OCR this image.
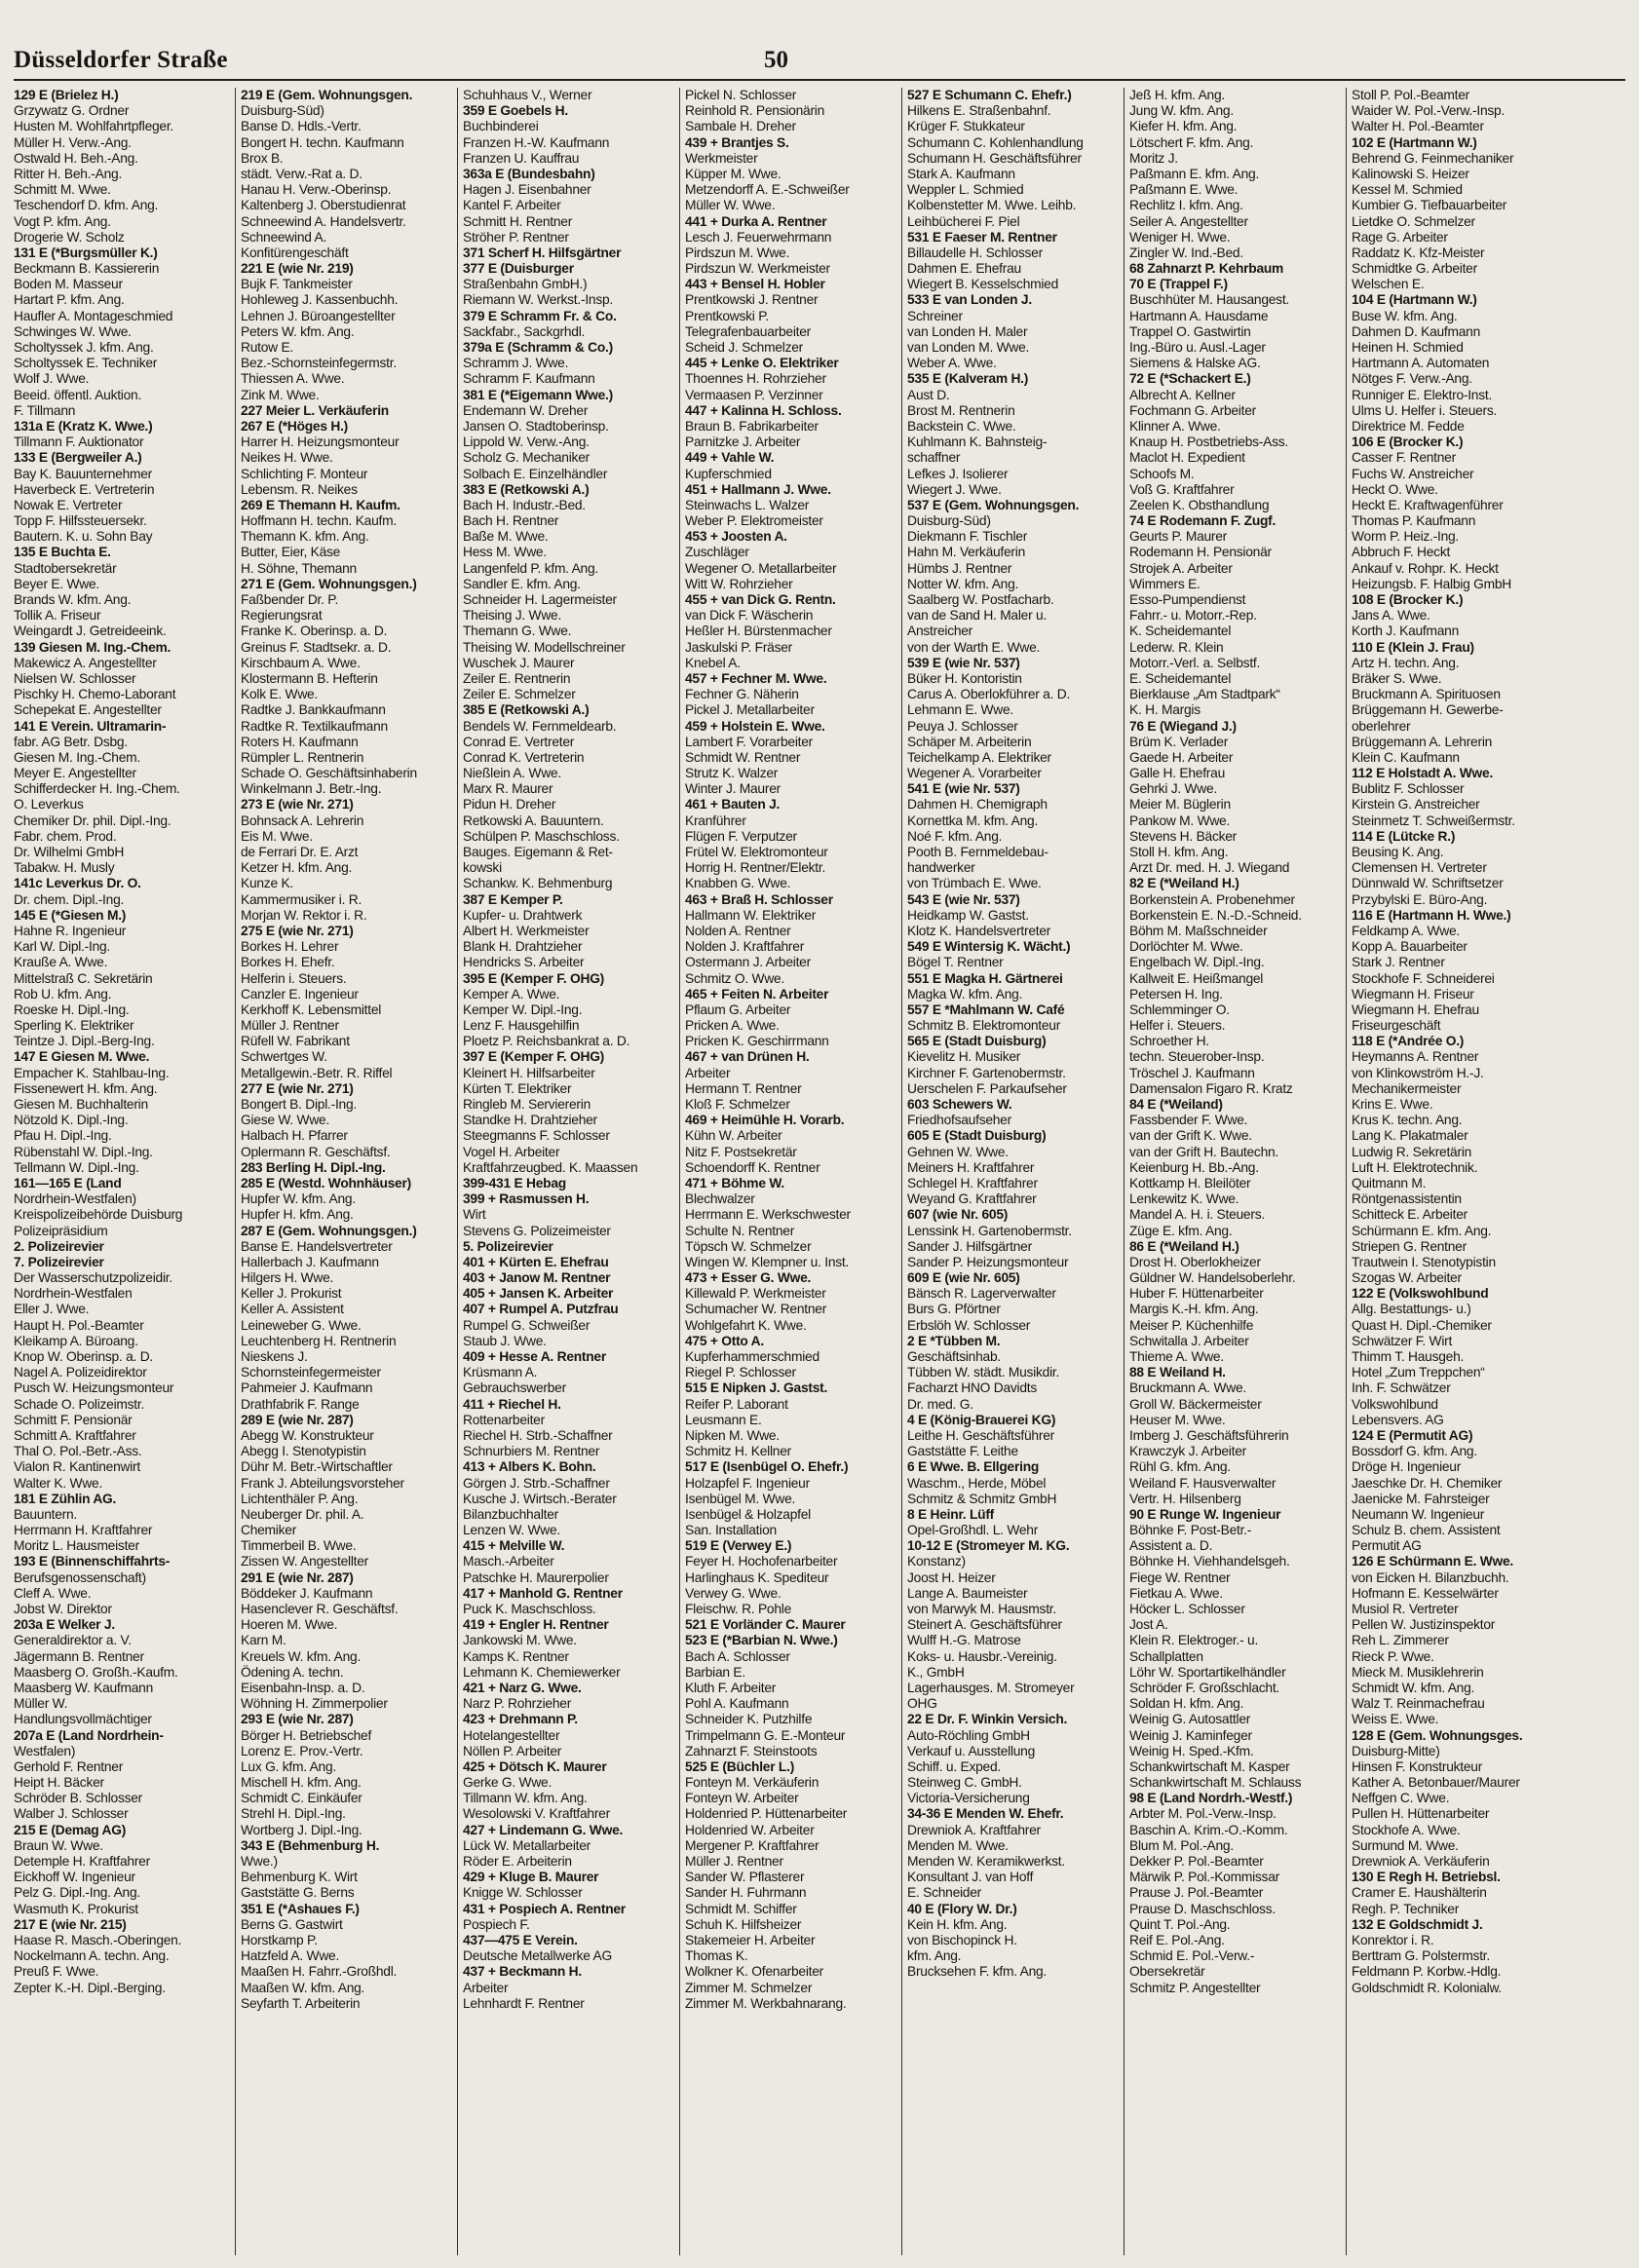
Düsseldorfer Straße	50
129 E (Brielez H.)
Grzywatz G. Ordner
Husten M. Wohlfahrtpfleger.
Müller H. Verw.-Ang.
Ostwald H. Beh.-Ang.
Ritter H. Beh.-Ang.
Schmitt M. Wwe.
Teschendorf D. kfm. Ang.
Vogt P. kfm. Ang.
Drogerie W. Scholz
131 E (*Burgsmüller K.)
Beckmann B. Kassiererin
Boden M. Masseur
Hartart P. kfm. Ang.
Haufler A. Montageschmied
Schwinges W. Wwe.
Scholtyssek J. kfm. Ang.
Scholtyssek E. Techniker
Wolf J. Wwe.
Beeid. öffentl. Auktion.
F. Tillmann
131a E (Kratz K. Wwe.)
Tillmann F. Auktionator
133 E (Bergweiler A.)
Bay K. Bauunternehmer
Haverbeck E. Vertreterin
Nowak E. Vertreter
Topp F. Hilfssteuersekr.
Bautern. K. u. Sohn Bay
135 E Buchta E.
Stadtobersekretär
Beyer E. Wwe.
Brands W. kfm. Ang.
Tollik A. Friseur
Weingardt J. Getreideeink.
139 Giesen M. Ing.-Chem.
Makewicz A. Angestellter
Nielsen W. Schlosser
Pischky H. Chemo-Laborant
Schepekat E. Angestellter
141 E Verein. Ultramarin-
fabr. AG Betr. Dsbg.
Giesen M. Ing.-Chem.
Meyer E. Angestellter
Schifferdecker H. Ing.-Chem.
O. Leverkus
Chemiker Dr. phil. Dipl.-Ing.
Fabr. chem. Prod.
Dr. Wilhelmi GmbH
Tabakw. H. Musly
141c Leverkus Dr. O.
Dr. chem. Dipl.-Ing.
145 E (*Giesen M.)
Hahne R. Ingenieur
Karl W. Dipl.-Ing.
Krauße A. Wwe.
Mittelstraß C. Sekretärin
Rob U. kfm. Ang.
Roeske H. Dipl.-Ing.
Sperling K. Elektriker
Teintze J. Dipl.-Berg-Ing.
147 E Giesen M. Wwe.
Empacher K. Stahlbau-Ing.
Fissenewert H. kfm. Ang.
Giesen M. Buchhalterin
Nötzold K. Dipl.-Ing.
Pfau H. Dipl.-Ing.
Rübenstahl W. Dipl.-Ing.
Tellmann W. Dipl.-Ing.
161—165 E (Land
Nordrhein-Westfalen)
Kreispolizeibehörde Duisburg
Polizeipräsidium
2. Polizeirevier
7. Polizeirevier
Der Wasserschutzpolizeidir.
Nordrhein-Westfalen
Eller J. Wwe.
Haupt H. Pol.-Beamter
Kleikamp A. Büroang.
Knop W. Oberinsp. a. D.
Nagel A. Polizeidirektor
Pusch W. Heizungsmonteur
Schade O. Polizeimstr.
Schmitt F. Pensionär
Schmitt A. Kraftfahrer
Thal O. Pol.-Betr.-Ass.
Vialon R. Kantinenwirt
Walter K. Wwe.
181 E Zühlin AG.
Bauuntern.
Herrmann H. Kraftfahrer
Moritz L. Hausmeister
193 E (Binnenschiffahrts-
Berufsgenossenschaft)
Cleff A. Wwe.
Jobst W. Direktor
203a E Welker J.
Generaldirektor a. V.
Jägermann B. Rentner
Maasberg O. Großh.-Kaufm.
Maasberg W. Kaufmann
Müller W.
Handlungsvollmächtiger
207a E (Land Nordrhein-
Westfalen)
Gerhold F. Rentner
Heipt H. Bäcker
Schröder B. Schlosser
Walber J. Schlosser
215 E (Demag AG)
Braun W. Wwe.
Detemple H. Kraftfahrer
Eickhoff W. Ingenieur
Pelz G. Dipl.-Ing. Ang.
Wasmuth K. Prokurist
217 E (wie Nr. 215)
Haase R. Masch.-Oberingen.
Nockelmann A. techn. Ang.
Preuß F. Wwe.
Zepter K.-H. Dipl.-Berging.
219 E (Gem. Wohnungsgen.
Duisburg-Süd)
Banse D. Hdls.-Vertr.
Bongert H. techn. Kaufmann
Brox B.
städt. Verw.-Rat a. D.
Hanau H. Verw.-Oberinsp.
Kaltenberg J. Oberstudienrat
Schneewind A. Handelsvertr.
Schneewind A.
Konfitürengeschäft
221 E (wie Nr. 219)
Bujk F. Tankmeister
Hohleweg J. Kassenbuchh.
Lehnen J. Büroangestellter
Peters W. kfm. Ang.
Rutow E.
Bez.-Schornsteinfegermstr.
Thiessen A. Wwe.
Zink M. Wwe.
227 Meier L. Verkäuferin
267 E (*Höges H.)
Harrer H. Heizungsmonteur
Neikes H. Wwe.
Schlichting F. Monteur
Lebensm. R. Neikes
269 E Themann H. Kaufm.
Hoffmann H. techn. Kaufm.
Themann K. kfm. Ang.
Butter, Eier, Käse
H. Söhne, Themann
271 E (Gem. Wohnungsgen.)
Faßbender Dr. P.
Regierungsrat
Franke K. Oberinsp. a. D.
Greinus F. Stadtsekr. a. D.
Kirschbaum A. Wwe.
Klostermann B. Hefterin
Kolk E. Wwe.
Radtke J. Bankkaufmann
Radtke R. Textilkaufmann
Roters H. Kaufmann
Rümpler L. Rentnerin
Schade O. Geschäftsinhaberin
Winkelmann J. Betr.-Ing.
273 E (wie Nr. 271)
Bohnsack A. Lehrerin
Eis M. Wwe.
de Ferrari Dr. E. Arzt
Ketzer H. kfm. Ang.
Kunze K.
Kammermusiker i. R.
Morjan W. Rektor i. R.
275 E (wie Nr. 271)
Borkes H. Lehrer
Borkes H. Ehefr.
Helferin i. Steuers.
Canzler E. Ingenieur
Kerkhoff K. Lebensmittel
Müller J. Rentner
Rüfell W. Fabrikant
Schwertges W.
Metallgewin.-Betr. R. Riffel
277 E (wie Nr. 271)
Bongert B. Dipl.-Ing.
Giese W. Wwe.
Halbach H. Pfarrer
Oplermann R. Geschäftsf.
283 Berling H. Dipl.-Ing.
285 E (Westd. Wohnhäuser)
Hupfer W. kfm. Ang.
Hupfer H. kfm. Ang.
287 E (Gem. Wohnungsgen.)
Banse E. Handelsvertreter
Hallerbach J. Kaufmann
Hilgers H. Wwe.
Keller J. Prokurist
Keller A. Assistent
Leineweber G. Wwe.
Leuchtenberg H. Rentnerin
Nieskens J.
Schornsteinfegermeister
Pahmeier J. Kaufmann
Drathfabrik F. Range
289 E (wie Nr. 287)
Abegg W. Konstrukteur
Abegg I. Stenotypistin
Dühr M. Betr.-Wirtschaftler
Frank J. Abteilungsvorsteher
Lichtenthäler P. Ang.
Neuberger Dr. phil. A.
Chemiker
Timmerbeil B. Wwe.
Zissen W. Angestellter
291 E (wie Nr. 287)
Böddeker J. Kaufmann
Hasenclever R. Geschäftsf.
Hoeren M. Wwe.
Karn M.
Kreuels W. kfm. Ang.
Ödening A. techn.
Eisenbahn-Insp. a. D.
Wöhning H. Zimmerpolier
293 E (wie Nr. 287)
Börger H. Betriebschef
Lorenz E. Prov.-Vertr.
Lux G. kfm. Ang.
Mischell H. kfm. Ang.
Schmidt C. Einkäufer
Strehl H. Dipl.-Ing.
Wortberg J. Dipl.-Ing.
343 E (Behmenburg H.
Wwe.)
Behmenburg K. Wirt
Gaststätte G. Berns
351 E (*Ashaues F.)
Berns G. Gastwirt
Horstkamp P.
Hatzfeld A. Wwe.
Maaßen H. Fahrr.-Großhdl.
Maaßen W. kfm. Ang.
Seyfarth T. Arbeiterin
Schuhhaus V., Werner
359 E Goebels H.
Buchbinderei
Franzen H.-W. Kaufmann
Franzen U. Kauffrau
363a E (Bundesbahn)
Hagen J. Eisenbahner
Kantel F. Arbeiter
Schmitt H. Rentner
Ströher P. Rentner
371 Scherf H. Hilfsgärtner
377 E (Duisburger
Straßenbahn GmbH.)
Riemann W. Werkst.-Insp.
379 E Schramm Fr. & Co.
Sackfabr., Sackgrhdl.
379a E (Schramm & Co.)
Schramm J. Wwe.
Schramm F. Kaufmann
381 E (*Eigemann Wwe.)
Endemann W. Dreher
Jansen O. Stadtoberinsp.
Lippold W. Verw.-Ang.
Scholz G. Mechaniker
Solbach E. Einzelhändler
383 E (Retkowski A.)
Bach H. Industr.-Bed.
Bach H. Rentner
Baße M. Wwe.
Hess M. Wwe.
Langenfeld P. kfm. Ang.
Sandler E. kfm. Ang.
Schneider H. Lagermeister
Theising J. Wwe.
Themann G. Wwe.
Theising W. Modellschreiner
Wuschek J. Maurer
Zeiler E. Rentnerin
Zeiler E. Schmelzer
385 E (Retkowski A.)
Bendels W. Fernmeldearb.
Conrad E. Vertreter
Conrad K. Vertreterin
Nießlein A. Wwe.
Marx R. Maurer
Pidun H. Dreher
Retkowski A. Bauuntern.
Schülpen P. Maschschloss.
Bauges. Eigemann & Ret-
kowski
Schankw. K. Behmenburg
387 E Kemper P.
Kupfer- u. Drahtwerk
Albert H. Werkmeister
Blank H. Drahtzieher
Hendricks S. Arbeiter
395 E (Kemper F. OHG)
Kemper A. Wwe.
Kemper W. Dipl.-Ing.
Lenz F. Hausgehilfin
Ploetz P. Reichsbankrat a. D.
397 E (Kemper F. OHG)
Kleinert H. Hilfsarbeiter
Kürten T. Elektriker
Ringleb M. Serviererin
Standke H. Drahtzieher
Steegmanns F. Schlosser
Vogel H. Arbeiter
Kraftfahrzeugbed. K. Maassen
399-431 E Hebag
399 + Rasmussen H.
Wirt
Stevens G. Polizeimeister
5. Polizeirevier
401 + Kürten E. Ehefrau
403 + Janow M. Rentner
405 + Jansen K. Arbeiter
407 + Rumpel A. Putzfrau
Rumpel G. Schweißer
Staub J. Wwe.
409 + Hesse A. Rentner
Krüsmann A.
Gebrauchswerber
411 + Riechel H.
Rottenarbeiter
Riechel H. Strb.-Schaffner
Schnurbiers M. Rentner
413 + Albers K. Bohn.
Görgen J. Strb.-Schaffner
Kusche J. Wirtsch.-Berater
Bilanzbuchhalter
Lenzen W. Wwe.
415 + Melville W.
Masch.-Arbeiter
Patschke H. Maurerpolier
417 + Manhold G. Rentner
Puck K. Maschschloss.
419 + Engler H. Rentner
Jankowski M. Wwe.
Kamps K. Rentner
Lehmann K. Chemiewerker
421 + Narz G. Wwe.
Narz P. Rohrzieher
423 + Drehmann P.
Hotelangestellter
Nöllen P. Arbeiter
425 + Dötsch K. Maurer
Gerke G. Wwe.
Tillmann W. kfm. Ang.
Wesolowski V. Kraftfahrer
427 + Lindemann G. Wwe.
Lück W. Metallarbeiter
Röder E. Arbeiterin
429 + Kluge B. Maurer
Knigge W. Schlosser
431 + Pospiech A. Rentner
Pospiech F.
437—475 E Verein.
Deutsche Metallwerke AG
437 + Beckmann H.
Arbeiter
Lehnhardt F. Rentner
Pickel N. Schlosser
Reinhold R. Pensionärin
Sambale H. Dreher
439 + Brantjes S.
Werkmeister
Küpper M. Wwe.
Metzendorff A. E.-Schweißer
Müller W. Wwe.
441 + Durka A. Rentner
Lesch J. Feuerwehrmann
Pirdszun M. Wwe.
Pirdszun W. Werkmeister
443 + Bensel H. Hobler
Prentkowski J. Rentner
Prentkowski P.
Telegrafenbauarbeiter
Scheid J. Schmelzer
445 + Lenke O. Elektriker
Thoennes H. Rohrzieher
Vermaasen P. Verzinner
447 + Kalinna H. Schloss.
Braun B. Fabrikarbeiter
Parnitzke J. Arbeiter
449 + Vahle W.
Kupferschmied
451 + Hallmann J. Wwe.
Steinwachs L. Walzer
Weber P. Elektromeister
453 + Joosten A.
Zuschläger
Wegener O. Metallarbeiter
Witt W. Rohrzieher
455 + van Dick G. Rentn.
van Dick F. Wäscherin
Heßler H. Bürstenmacher
Jaskulski P. Fräser
Knebel A.
457 + Fechner M. Wwe.
Fechner G. Näherin
Pickel J. Metallarbeiter
459 + Holstein E. Wwe.
Lambert F. Vorarbeiter
Schmidt W. Rentner
Strutz K. Walzer
Winter J. Maurer
461 + Bauten J.
Kranführer
Flügen F. Verputzer
Frütel W. Elektromonteur
Horrig H. Rentner/Elektr.
Knabben G. Wwe.
463 + Braß H. Schlosser
Hallmann W. Elektriker
Nolden A. Rentner
Nolden J. Kraftfahrer
Ostermann J. Arbeiter
Schmitz O. Wwe.
465 + Feiten N. Arbeiter
Pflaum G. Arbeiter
Pricken A. Wwe.
Pricken K. Geschirrmann
467 + van Drünen H.
Arbeiter
Hermann T. Rentner
Kloß F. Schmelzer
469 + Heimühle H. Vorarb.
Kühn W. Arbeiter
Nitz F. Postsekretär
Schoendorff K. Rentner
471 + Böhme W.
Blechwalzer
Herrmann E. Werkschwester
Schulte N. Rentner
Töpsch W. Schmelzer
Wingen W. Klempner u. Inst.
473 + Esser G. Wwe.
Killewald P. Werkmeister
Schumacher W. Rentner
Wohlgefahrt K. Wwe.
475 + Otto A.
Kupferhammerschmied
Riegel P. Schlosser
515 E Nipken J. Gastst.
Reifer P. Laborant
Leusmann E.
Nipken M. Wwe.
Schmitz H. Kellner
517 E (Isenbügel O. Ehefr.)
Holzapfel F. Ingenieur
Isenbügel M. Wwe.
Isenbügel & Holzapfel
San. Installation
519 E (Verwey E.)
Feyer H. Hochofenarbeiter
Harlinghaus K. Spediteur
Verwey G. Wwe.
Fleischw. R. Pohle
521 E Vorländer C. Maurer
523 E (*Barbian N. Wwe.)
Bach A. Schlosser
Barbian E.
Kluth F. Arbeiter
Pohl A. Kaufmann
Schneider K. Putzhilfe
Trimpelmann G. E.-Monteur
Zahnarzt F. Steinstoots
525 E (Büchler L.)
Fonteyn M. Verkäuferin
Fonteyn W. Arbeiter
Holdenried P. Hüttenarbeiter
Holdenried W. Arbeiter
Mergener P. Kraftfahrer
Müller J. Rentner
Sander W. Pflasterer
Sander H. Fuhrmann
Schmidt M. Schiffer
Schuh K. Hilfsheizer
Stakemeier H. Arbeiter
Thomas K.
Wolkner K. Ofenarbeiter
Zimmer M. Schmelzer
Zimmer M. Werkbahnarang.
527 E Schumann C. Ehefr.)
Hilkens E. Straßenbahnf.
Krüger F. Stukkateur
Schumann C. Kohlenhandlung
Schumann H. Geschäftsführer
Stark A. Kaufmann
Weppler L. Schmied
Kolbenstetter M. Wwe. Leihb.
Leihbücherei F. Piel
531 E Faeser M. Rentner
Billaudelle H. Schlosser
Dahmen E. Ehefrau
Wiegert B. Kesselschmied
533 E van Londen J.
Schreiner
van Londen H. Maler
van Londen M. Wwe.
Weber A. Wwe.
535 E (Kalveram H.)
Aust D.
Brost M. Rentnerin
Backstein C. Wwe.
Kuhlmann K. Bahnsteig-
schaffner
Lefkes J. Isolierer
Wiegert J. Wwe.
537 E (Gem. Wohnungsgen.
Duisburg-Süd)
Diekmann F. Tischler
Hahn M. Verkäuferin
Hümbs J. Rentner
Notter W. kfm. Ang.
Saalberg W. Postfacharb.
van de Sand H. Maler u.
Anstreicher
von der Warth E. Wwe.
539 E (wie Nr. 537)
Büker H. Kontoristin
Carus A. Oberlokführer a. D.
Lehmann E. Wwe.
Peuya J. Schlosser
Schäper M. Arbeiterin
Teichelkamp A. Elektriker
Wegener A. Vorarbeiter
541 E (wie Nr. 537)
Dahmen H. Chemigraph
Kornettka M. kfm. Ang.
Noé F. kfm. Ang.
Pooth B. Fernmeldebau-
handwerker
von Trümbach E. Wwe.
543 E (wie Nr. 537)
Heidkamp W. Gastst.
Klotz K. Handelsvertreter
549 E Wintersig K. Wächt.)
Bögel T. Rentner
551 E Magka H. Gärtnerei
Magka W. kfm. Ang.
557 E *Mahlmann W. Café
Schmitz B. Elektromonteur
565 E (Stadt Duisburg)
Kievelitz H. Musiker
Kirchner F. Gartenobermstr.
Uerschelen F. Parkaufseher
603 Schewers W.
Friedhofsaufseher
605 E (Stadt Duisburg)
Gehnen W. Wwe.
Meiners H. Kraftfahrer
Schlegel H. Kraftfahrer
Weyand G. Kraftfahrer
607 (wie Nr. 605)
Lenssink H. Gartenobermstr.
Sander J. Hilfsgärtner
Sander P. Heizungsmonteur
609 E (wie Nr. 605)
Bänsch R. Lagerverwalter
Burs G. Pförtner
Erbslöh W. Schlosser
2 E *Tübben M.
Geschäftsinhab.
Tübben W. städt. Musikdir.
Facharzt HNO Davidts
Dr. med. G.
4 E (König-Brauerei KG)
Leithe H. Geschäftsführer
Gaststätte F. Leithe
6 E Wwe. B. Ellgering
Waschm., Herde, Möbel
Schmitz & Schmitz GmbH
8 E Heinr. Lüff
Opel-Großhdl. L. Wehr
10-12 E (Stromeyer M. KG.
Konstanz)
Joost H. Heizer
Lange A. Baumeister
von Marwyk M. Hausmstr.
Steinert A. Geschäftsführer
Wulff H.-G. Matrose
Koks- u. Hausbr.-Vereinig.
K., GmbH
Lagerhausges. M. Stromeyer
OHG
22 E Dr. F. Winkin Versich.
Auto-Röchling GmbH
Verkauf u. Ausstellung
Schiff. u. Exped.
Steinweg C. GmbH.
Victoria-Versicherung
34-36 E Menden W. Ehefr.
Drewniok A. Kraftfahrer
Menden M. Wwe.
Menden W. Keramikwerkst.
Konsultant J. van Hoff
E. Schneider
40 E (Flory W. Dr.)
Kein H. kfm. Ang.
von Bischopinck H.
kfm. Ang.
Brucksehen F. kfm. Ang.
Jeß H. kfm. Ang.
Jung W. kfm. Ang.
Kiefer H. kfm. Ang.
Lötschert F. kfm. Ang.
Moritz J.
Paßmann E. kfm. Ang.
Paßmann E. Wwe.
Rechlitz I. kfm. Ang.
Seiler A. Angestellter
Weniger H. Wwe.
Zingler W. Ind.-Bed.
68 Zahnarzt P. Kehrbaum
70 E (Trappel F.)
Buschhüter M. Hausangest.
Hartmann A. Hausdame
Trappel O. Gastwirtin
Ing.-Büro u. Ausl.-Lager
Siemens & Halske AG.
72 E (*Schackert E.)
Albrecht A. Kellner
Fochmann G. Arbeiter
Klinner A. Wwe.
Knaup H. Postbetriebs-Ass.
Maclot H. Expedient
Schoofs M.
Voß G. Kraftfahrer
Zeelen K. Obsthandlung
74 E Rodemann F. Zugf.
Geurts P. Maurer
Rodemann H. Pensionär
Strojek A. Arbeiter
Wimmers E.
Esso-Pumpendienst
Fahrr.- u. Motorr.-Rep.
K. Scheidemantel
Lederw. R. Klein
Motorr.-Verl. a. Selbstf.
E. Scheidemantel
Bierklause „Am Stadtpark“
K. H. Margis
76 E (Wiegand J.)
Brüm K. Verlader
Gaede H. Arbeiter
Galle H. Ehefrau
Gehrki J. Wwe.
Meier M. Büglerin
Pankow M. Wwe.
Stevens H. Bäcker
Stoll H. kfm. Ang.
Arzt Dr. med. H. J. Wiegand
82 E (*Weiland H.)
Borkenstein A. Probenehmer
Borkenstein E. N.-D.-Schneid.
Böhm M. Maßschneider
Dorlöchter M. Wwe.
Engelbach W. Dipl.-Ing.
Kallweit E. Heißmangel
Petersen H. Ing.
Schlemminger O.
Helfer i. Steuers.
Schroether H.
techn. Steuerober-Insp.
Tröschel J. Kaufmann
Damensalon Figaro R. Kratz
84 E (*Weiland)
Fassbender F. Wwe.
van der Grift K. Wwe.
van der Grift H. Bautechn.
Keienburg H. Bb.-Ang.
Kottkamp H. Bleilöter
Lenkewitz K. Wwe.
Mandel A. H. i. Steuers.
Züge E. kfm. Ang.
86 E (*Weiland H.)
Drost H. Oberlokheizer
Güldner W. Handelsoberlehr.
Huber F. Hüttenarbeiter
Margis K.-H. kfm. Ang.
Meiser P. Küchenhilfe
Schwitalla J. Arbeiter
Thieme A. Wwe.
88 E Weiland H.
Bruckmann A. Wwe.
Groll W. Bäckermeister
Heuser M. Wwe.
Imberg J. Geschäftsführerin
Krawczyk J. Arbeiter
Rühl G. kfm. Ang.
Weiland F. Hausverwalter
Vertr. H. Hilsenberg
90 E Runge W. Ingenieur
Böhnke F. Post-Betr.-
Assistent a. D.
Böhnke H. Viehhandelsgeh.
Fiege W. Rentner
Fietkau A. Wwe.
Höcker L. Schlosser
Jost A.
Klein R. Elektroger.- u.
Schallplatten
Löhr W. Sportartikelhändler
Schröder F. Großschlacht.
Soldan H. kfm. Ang.
Weinig G. Autosattler
Weinig J. Kaminfeger
Weinig H. Sped.-Kfm.
Schankwirtschaft M. Kasper
Schankwirtschaft M. Schlauss
98 E (Land Nordrh.-Westf.)
Arbter M. Pol.-Verw.-Insp.
Baschin A. Krim.-O.-Komm.
Blum M. Pol.-Ang.
Dekker P. Pol.-Beamter
Märwik P. Pol.-Kommissar
Prause J. Pol.-Beamter
Prause D. Maschschloss.
Quint T. Pol.-Ang.
Reif E. Pol.-Ang.
Schmid E. Pol.-Verw.-
Obersekretär
Schmitz P. Angestellter
Stoll P. Pol.-Beamter
Waider W. Pol.-Verw.-Insp.
Walter H. Pol.-Beamter
102 E (Hartmann W.)
Behrend G. Feinmechaniker
Kalinowski S. Heizer
Kessel M. Schmied
Kumbier G. Tiefbauarbeiter
Lietdke O. Schmelzer
Rage G. Arbeiter
Raddatz K. Kfz-Meister
Schmidtke G. Arbeiter
Welschen E.
104 E (Hartmann W.)
Buse W. kfm. Ang.
Dahmen D. Kaufmann
Heinen H. Schmied
Hartmann A. Automaten
Nötges F. Verw.-Ang.
Runniger E. Elektro-Inst.
Ulms U. Helfer i. Steuers.
Direktrice M. Fedde
106 E (Brocker K.)
Casser F. Rentner
Fuchs W. Anstreicher
Heckt O. Wwe.
Heckt E. Kraftwagenführer
Thomas P. Kaufmann
Worm P. Heiz.-Ing.
Abbruch F. Heckt
Ankauf v. Rohpr. K. Heckt
Heizungsb. F. Halbig GmbH
108 E (Brocker K.)
Jans A. Wwe.
Korth J. Kaufmann
110 E (Klein J. Frau)
Artz H. techn. Ang.
Bräker S. Wwe.
Bruckmann A. Spirituosen
Brüggemann H. Gewerbe-
oberlehrer
Brüggemann A. Lehrerin
Klein C. Kaufmann
112 E Holstadt A. Wwe.
Bublitz F. Schlosser
Kirstein G. Anstreicher
Steinmetz T. Schweißermstr.
114 E (Lütcke R.)
Beusing K. Ang.
Clemensen H. Vertreter
Dünnwald W. Schriftsetzer
Przybylski E. Büro-Ang.
116 E (Hartmann H. Wwe.)
Feldkamp A. Wwe.
Kopp A. Bauarbeiter
Stark J. Rentner
Stockhofe F. Schneiderei
Wiegmann H. Friseur
Wiegmann H. Ehefrau
Friseurgeschäft
118 E (*Andrée O.)
Heymanns A. Rentner
von Klinkowström H.-J.
Mechanikermeister
Krins E. Wwe.
Krus K. techn. Ang.
Lang K. Plakatmaler
Ludwig R. Sekretärin
Luft H. Elektrotechnik.
Quitmann M.
Röntgenassistentin
Schitteck E. Arbeiter
Schürmann E. kfm. Ang.
Striepen G. Rentner
Trautwein I. Stenotypistin
Szogas W. Arbeiter
122 E (Volkswohlbund
Allg. Bestattungs- u.)
Quast H. Dipl.-Chemiker
Schwätzer F. Wirt
Thimm T. Hausgeh.
Hotel „Zum Treppchen“
Inh. F. Schwätzer
Volkswohlbund
Lebensvers. AG
124 E (Permutit AG)
Bossdorf G. kfm. Ang.
Dröge H. Ingenieur
Jaeschke Dr. H. Chemiker
Jaenicke M. Fahrsteiger
Neumann W. Ingenieur
Schulz B. chem. Assistent
Permutit AG
126 E Schürmann E. Wwe.
von Eicken H. Bilanzbuchh.
Hofmann E. Kesselwärter
Musiol R. Vertreter
Pellen W. Justizinspektor
Reh L. Zimmerer
Rieck P. Wwe.
Mieck M. Musiklehrerin
Schmidt W. kfm. Ang.
Walz T. Reinmachefrau
Weiss E. Wwe.
128 E (Gem. Wohnungsges.
Duisburg-Mitte)
Hinsen F. Konstrukteur
Kather A. Betonbauer/Maurer
Neffgen C. Wwe.
Pullen H. Hüttenarbeiter
Stockhofe A. Wwe.
Surmund M. Wwe.
Drewniok A. Verkäuferin
130 E Regh H. Betriebsl.
Cramer E. Haushälterin
Regh. P. Techniker
132 E Goldschmidt J.
Konrektor i. R.
Berttram G. Polstermstr.
Feldmann P. Korbw.-Hdlg.
Goldschmidt R. Kolonialw.
